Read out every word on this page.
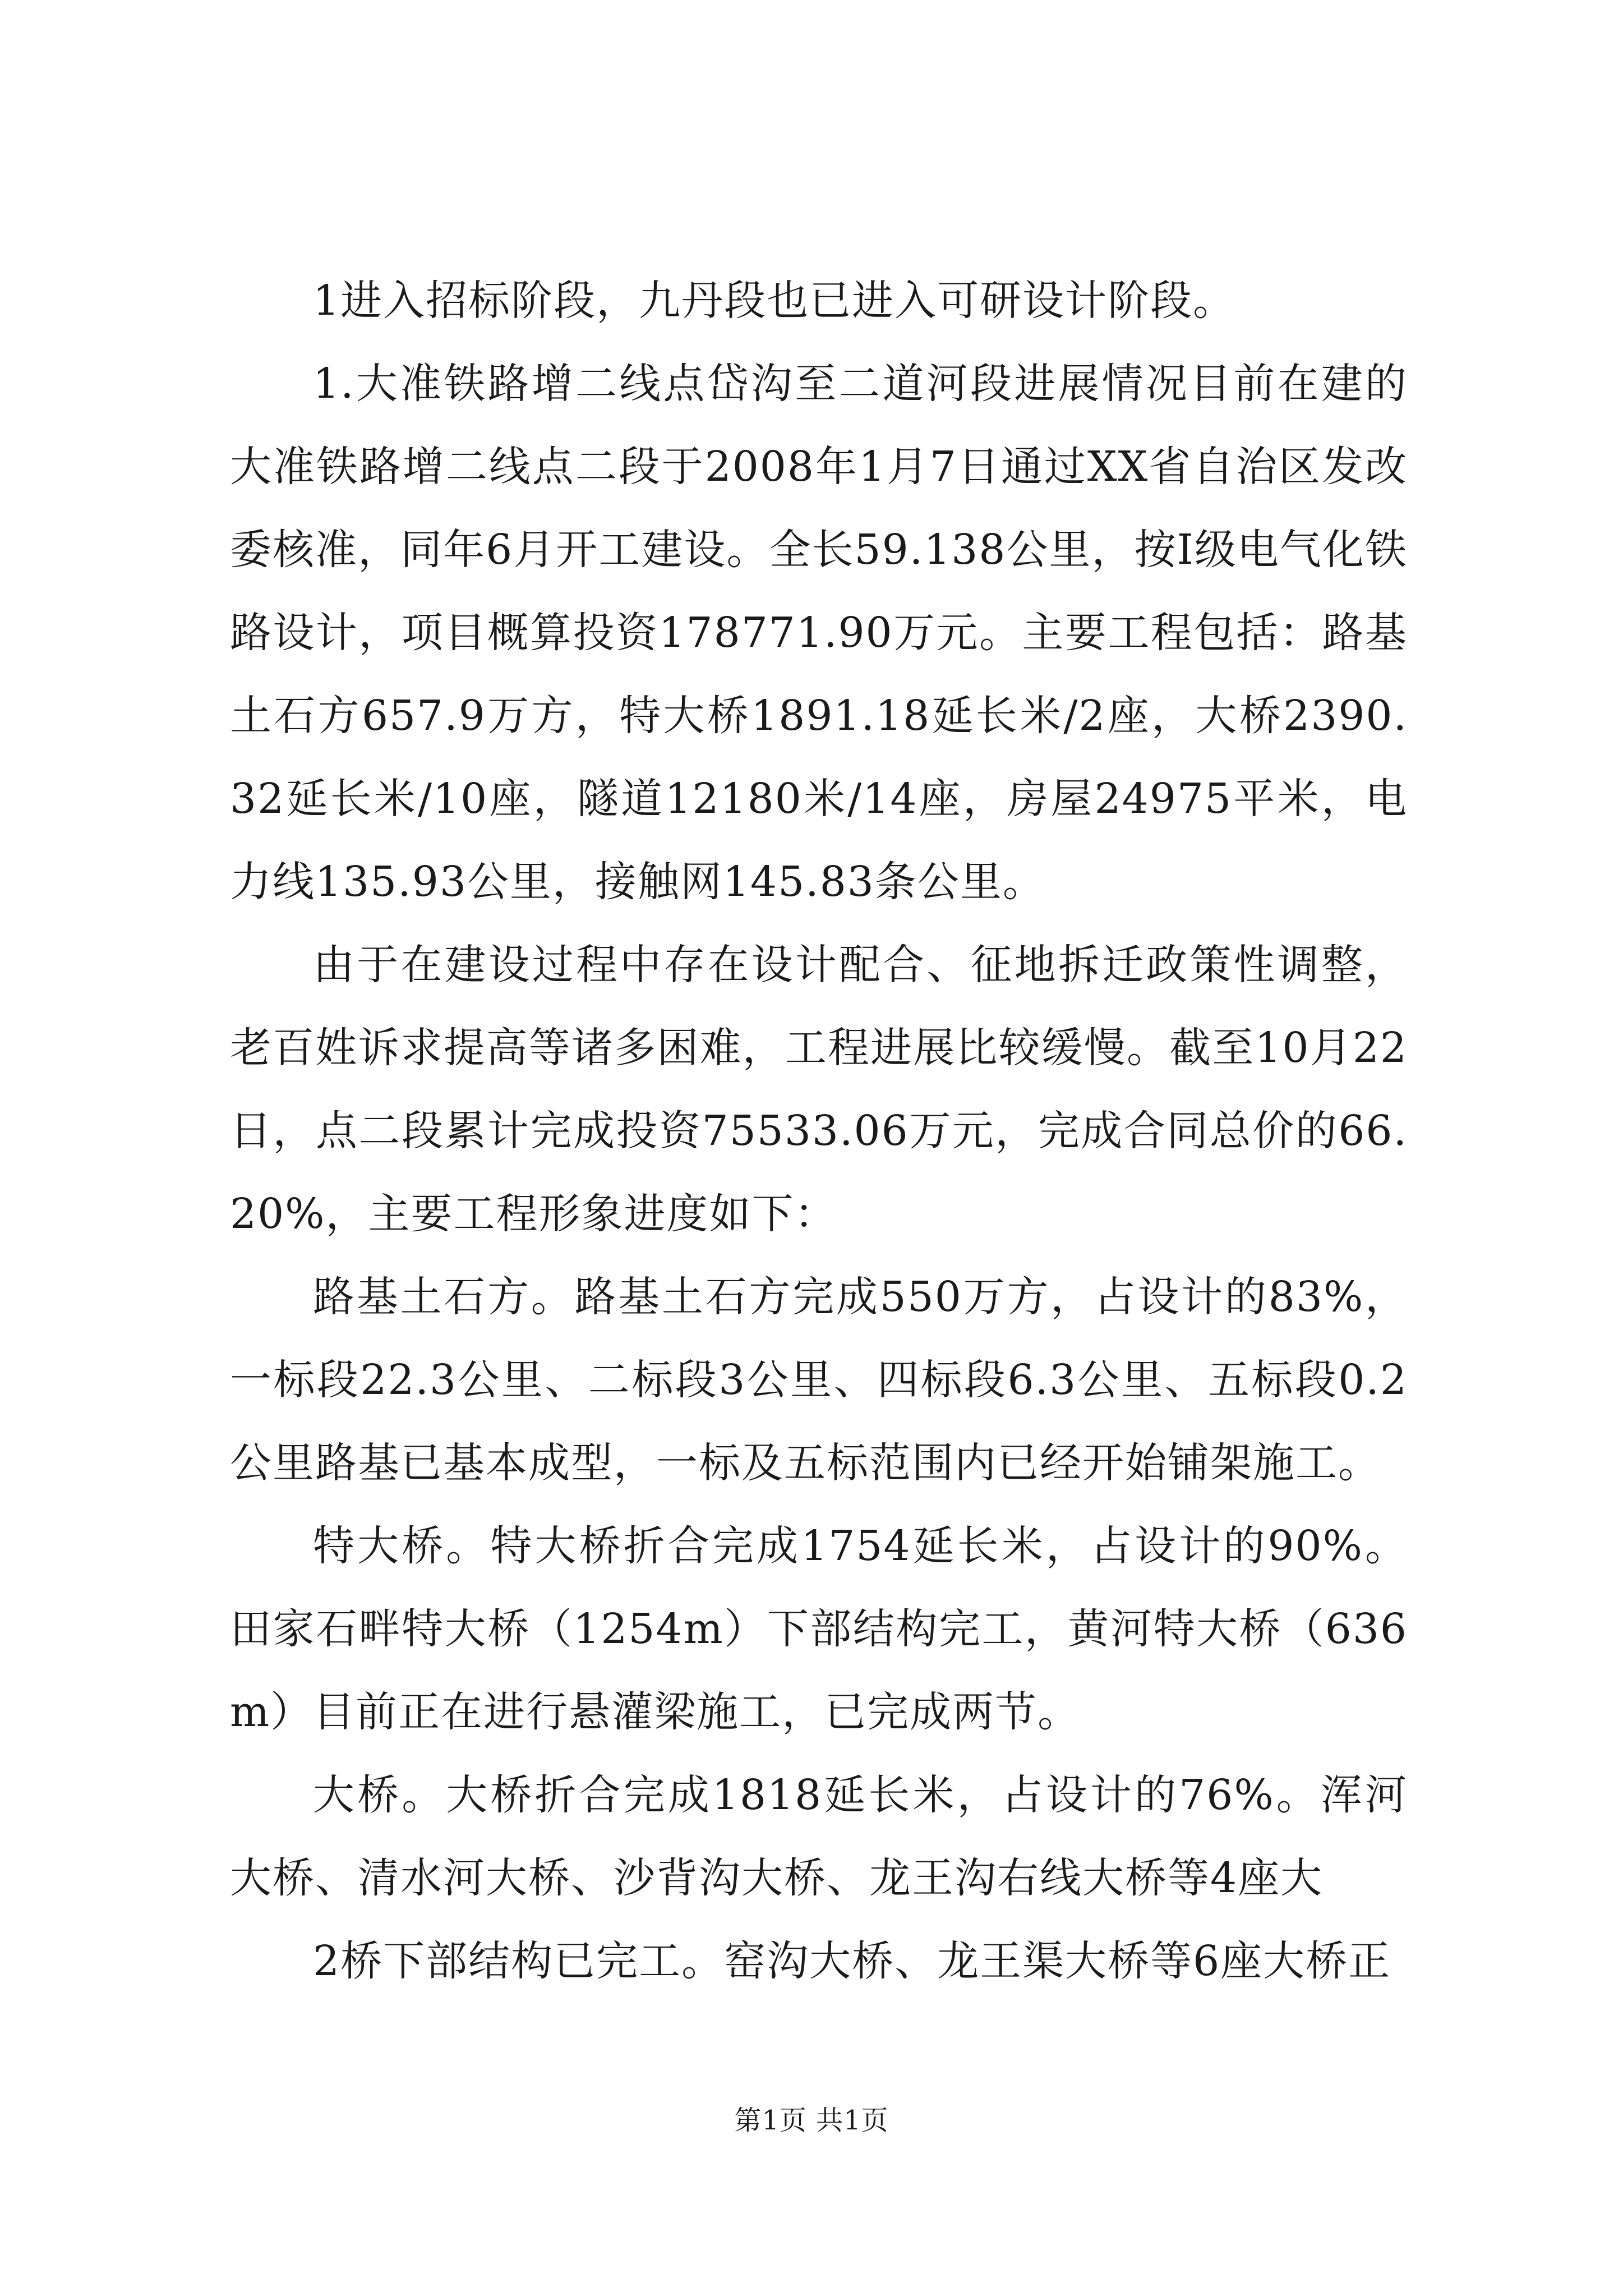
1进入招标阶段，九丹段也已进入可研设计阶段。

1.大准铁路增二线点岱沟至二道河段进展情况目前在建的大准铁路增二线点二段于2008年1月7日通过XX省自治区发改委核准，同年6月开工建设。全长59.138公里，按Ⅰ级电气化铁路设计，项目概算投资178771.90万元。主要工程包括：路基土石方657.9万方，特大桥1891.18延长米/2座，大桥2390.32延长米/10座，隧道12180米/14座，房屋24975平米，电力线135.93公里，接触网145.83条公里。

由于在建设过程中存在设计配合、征地拆迁政策性调整，老百姓诉求提高等诸多困难，工程进展比较缓慢。截至10月22日，点二段累计完成投资75533.06万元，完成合同总价的66.20%，主要工程形象进度如下：

路基土石方。路基土石方完成550万方，占设计的83%，一标段22.3公里、二标段3公里、四标段6.3公里、五标段0.2公里路基已基本成型，一标及五标范围内已经开始铺架施工。

特大桥。特大桥折合完成1754延长米，占设计的90%。田家石畔特大桥（1254m）下部结构完工，黄河特大桥（636m）目前正在进行悬灌梁施工，已完成两节。

大桥。大桥折合完成1818延长米，占设计的76%。浑河大桥、清水河大桥、沙背沟大桥、龙王沟右线大桥等4座大

2桥下部结构已完工。窑沟大桥、龙王渠大桥等6座大桥正

第1页 共1页
